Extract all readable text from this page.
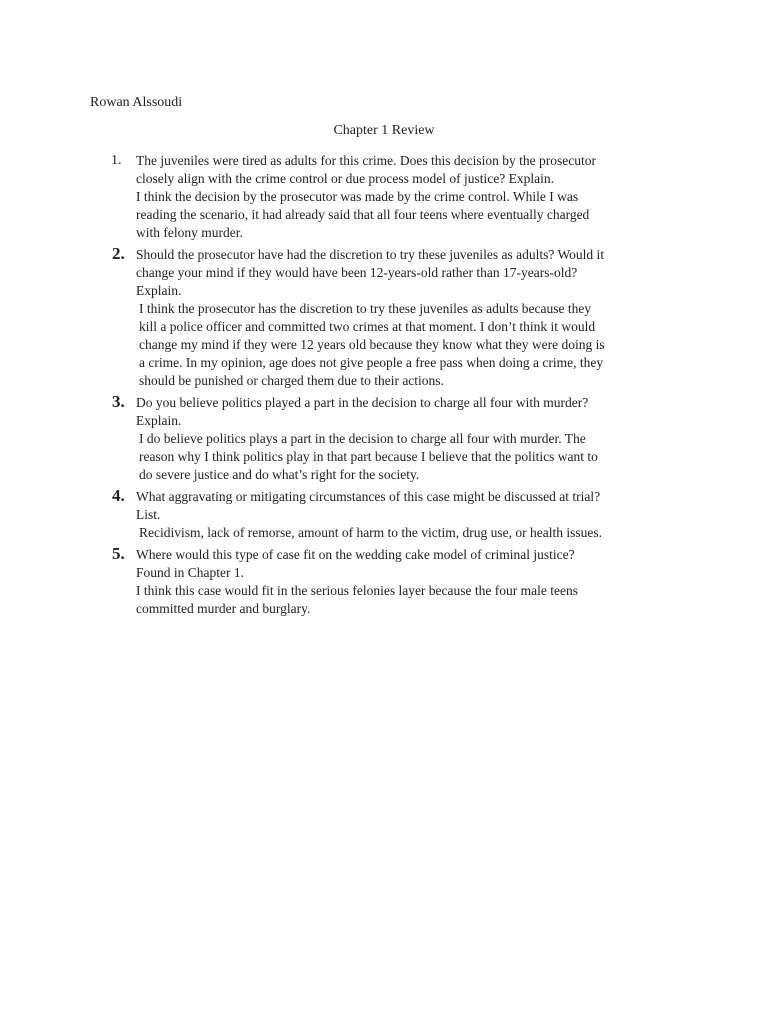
Rowan Alssoudi
Chapter 1 Review
1. The juveniles were tired as adults for this crime. Does this decision by the prosecutor
closely align with the crime control or due process model of justice? Explain.
I think the decision by the prosecutor was made by the crime control. While I was
reading the scenario, it had already said that all four teens where eventually charged
with felony murder.
2. Should the prosecutor have had the discretion to try these juveniles as adults? Would it
change your mind if they would have been 12-years-old rather than 17-years-old?
Explain.
I think the prosecutor has the discretion to try these juveniles as adults because they
kill a police officer and committed two crimes at that moment. I don’t think it would
change my mind if they were 12 years old because they know what they were doing is
a crime. In my opinion, age does not give people a free pass when doing a crime, they
should be punished or charged them due to their actions.
3. Do you believe politics played a part in the decision to charge all four with murder?
Explain.
I do believe politics plays a part in the decision to charge all four with murder. The
reason why I think politics play in that part because I believe that the politics want to
do severe justice and do what’s right for the society.
4. What aggravating or mitigating circumstances of this case might be discussed at trial?
List.
Recidivism, lack of remorse, amount of harm to the victim, drug use, or health issues.
5. Where would this type of case fit on the wedding cake model of criminal justice?
Found in Chapter 1.
I think this case would fit in the serious felonies layer because the four male teens
committed murder and burglary.
